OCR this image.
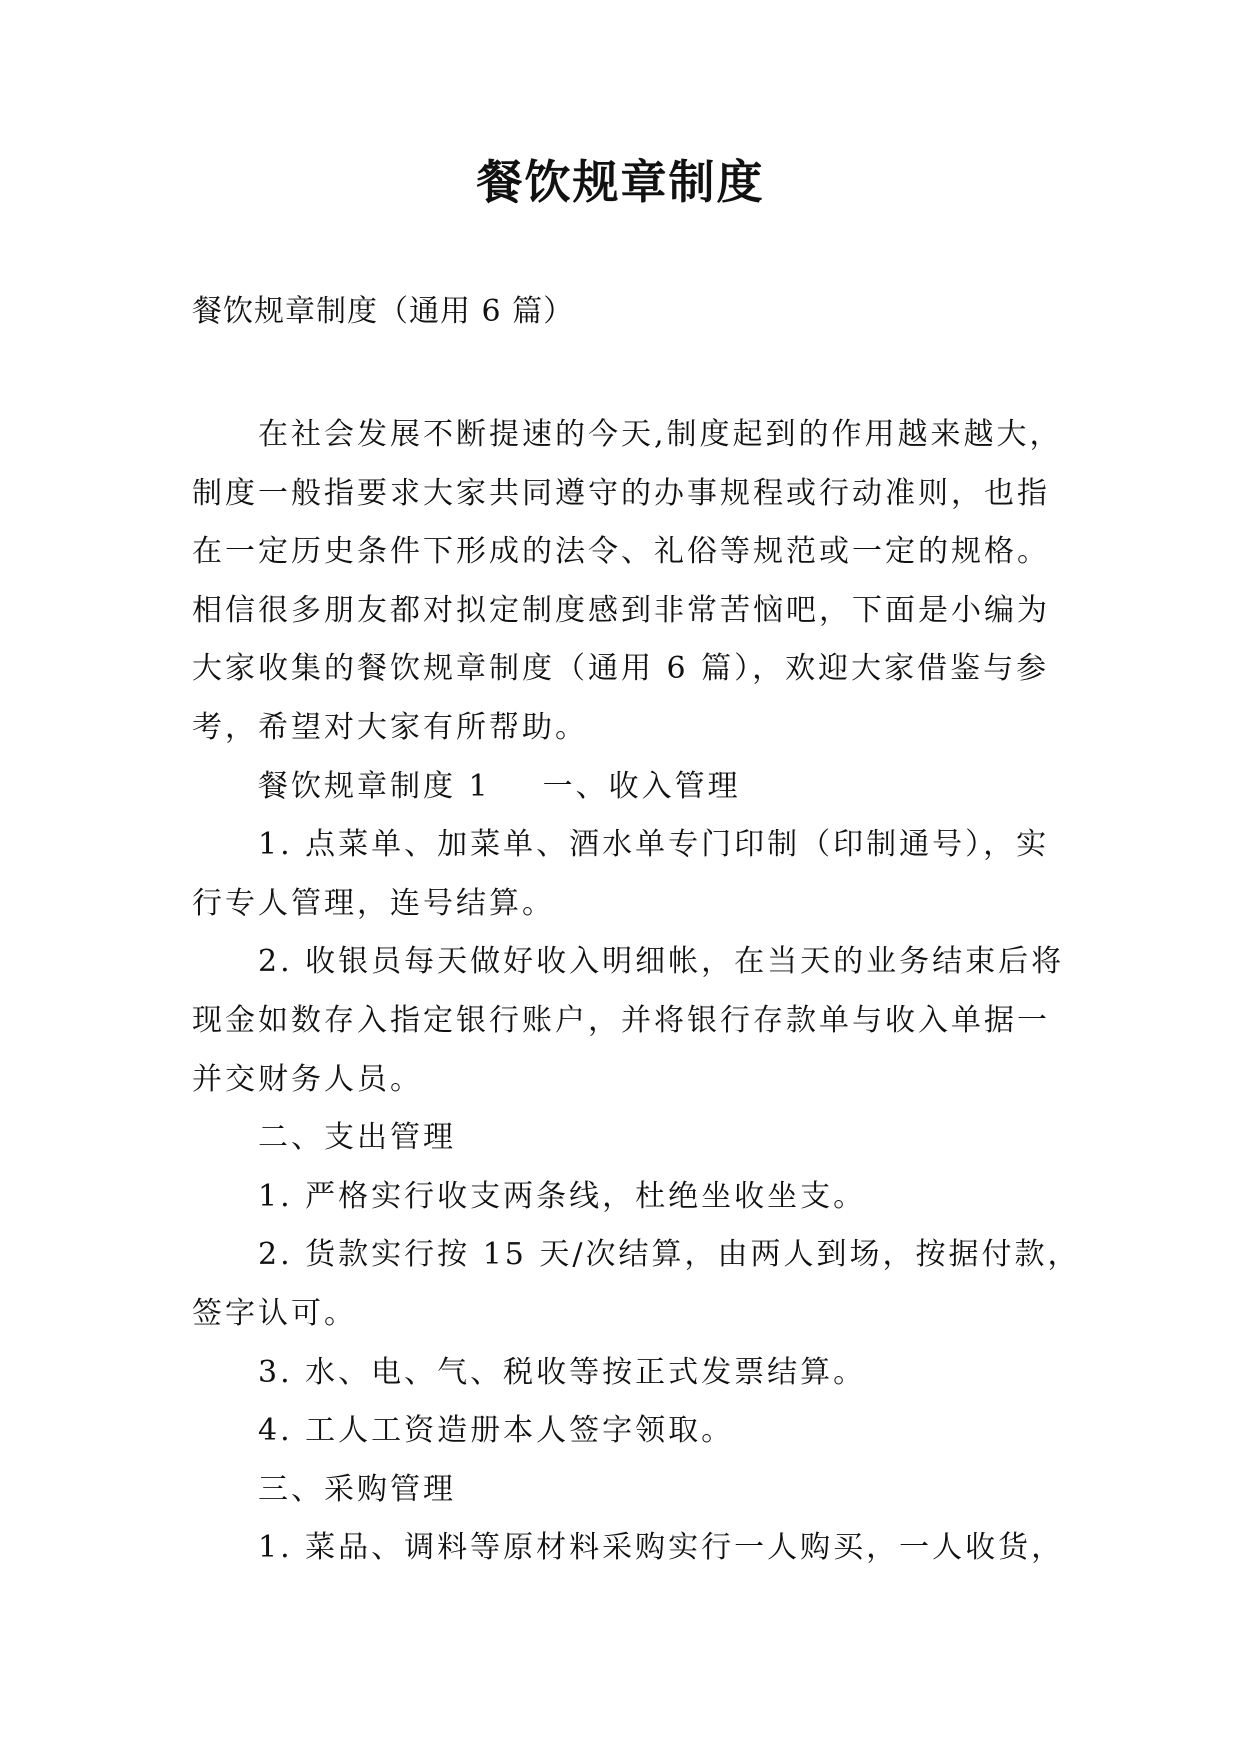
餐饮规章制度
餐饮规章制度（通用 6 篇）
在社会发展不断提速的今天,制度起到的作用越来越大，
制度一般指要求大家共同遵守的办事规程或行动准则，也指
在一定历史条件下形成的法令、礼俗等规范或一定的规格。
相信很多朋友都对拟定制度感到非常苦恼吧，下面是小编为
大家收集的餐饮规章制度（通用 6 篇），欢迎大家借鉴与参
考，希望对大家有所帮助。
餐饮规章制度 1 一、收入管理
1. 点菜单、加菜单、酒水单专门印制（印制通号），实
行专人管理，连号结算。
2. 收银员每天做好收入明细帐，在当天的业务结束后将
现金如数存入指定银行账户，并将银行存款单与收入单据一
并交财务人员。
二、支出管理
1. 严格实行收支两条线，杜绝坐收坐支。
2. 货款实行按 15 天/次结算，由两人到场，按据付款，
签字认可。
3. 水、电、气、税收等按正式发票结算。
4. 工人工资造册本人签字领取。
三、采购管理
1. 菜品、调料等原材料采购实行一人购买，一人收货，
